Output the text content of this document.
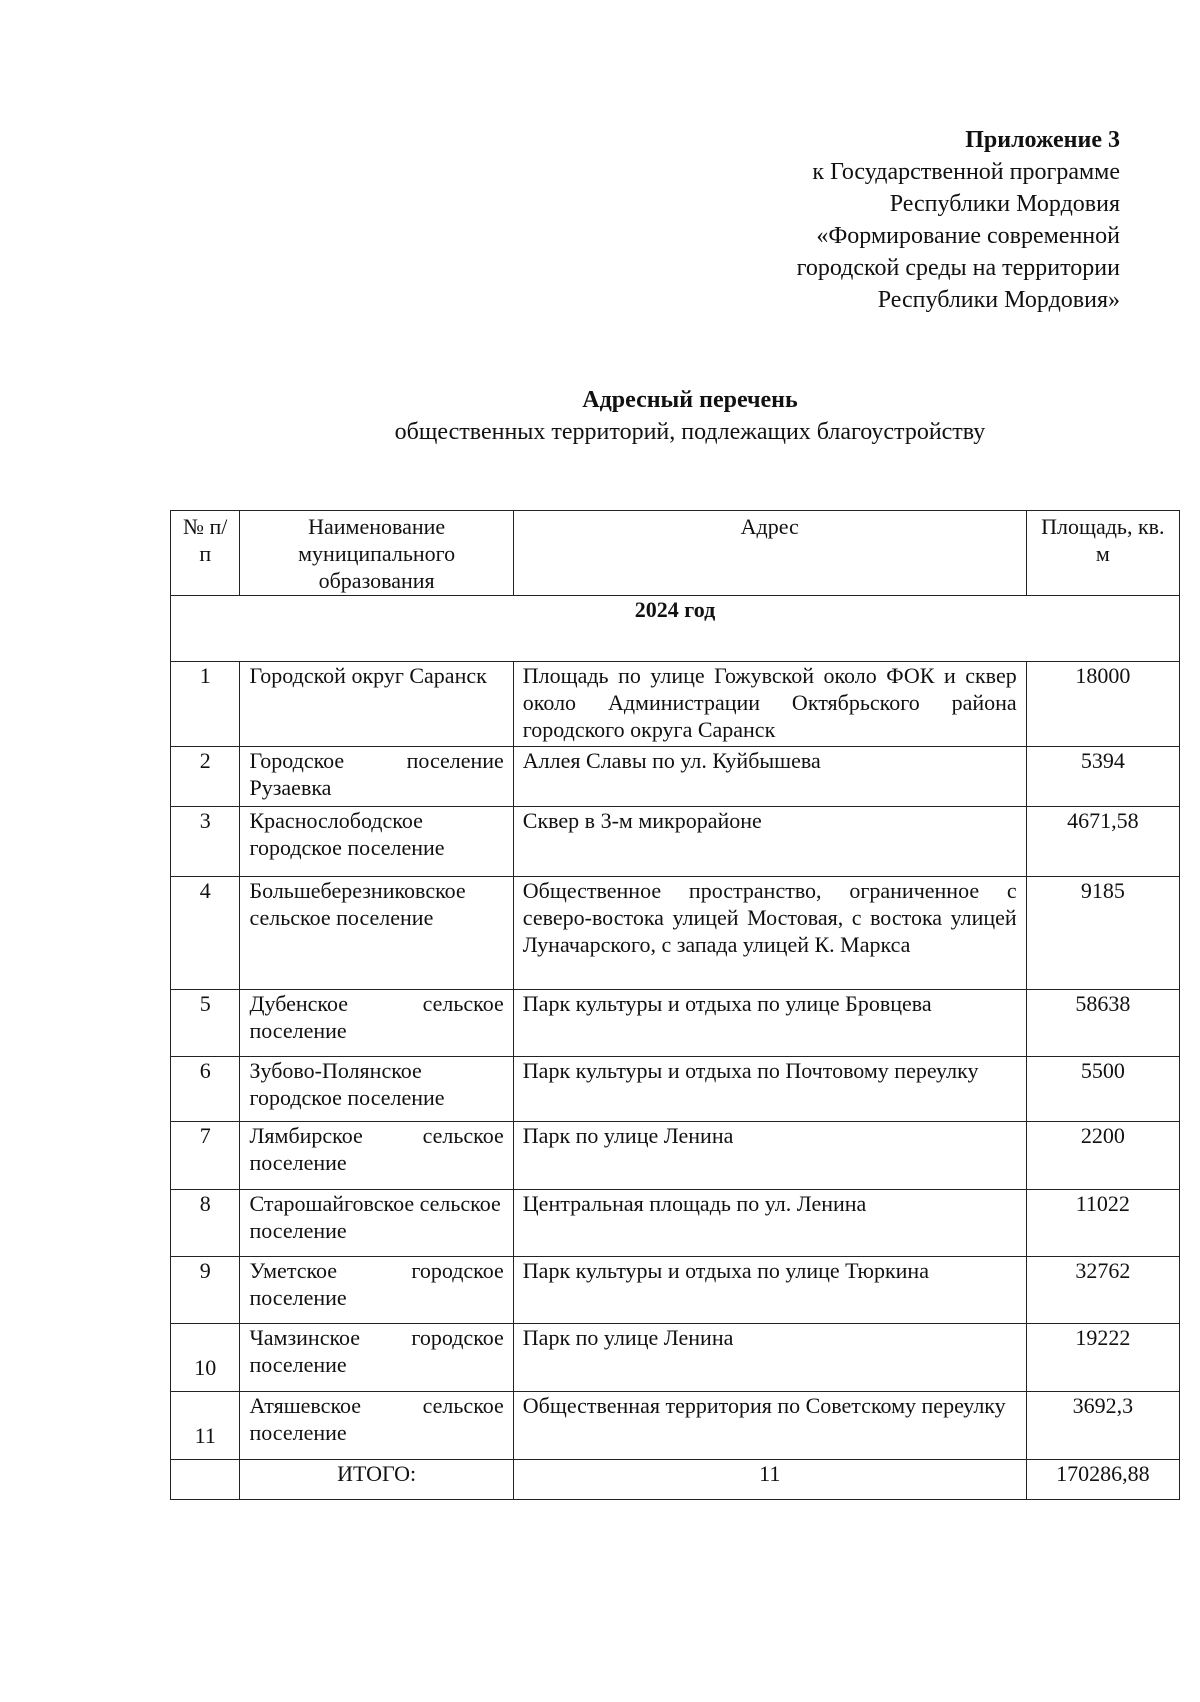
Приложение 3
к Государственной программе
Республики Мордовия
«Формирование современной
городской среды на территории
Республики Мордовия»
Адресный перечень
общественных территорий, подлежащих благоустройству
№ п/п	Наименование муниципального образования	Адрес	Площадь, кв. м
2024 год			
1	Городской округ Саранск	Площадь по улице Гожувской около ФОК и сквер около Администрации Октябрьского района городского округа Саранск	18000
2	Городское поселение Рузаевка	Аллея Славы по ул. Куйбышева	5394
3	Краснослободское городское поселение	Сквер в 3-м микрорайоне	4671,58
4	Большеберезниковское сельское поселение	Общественное пространство, ограниченное с северо-востока улицей Мостовая, с востока улицей Луначарского, с запада улицей К. Маркса	9185
5	Дубенское сельское поселение	Парк культуры и отдыха по улице Бровцева	58638
6	Зубово-Полянское городское поселение	Парк культуры и отдыха по Почтовому переулку	5500
7	Лямбирское сельское поселение	Парк по улице Ленина	2200
8	Старошайговское сельское поселение	Центральная площадь по ул. Ленина	11022
9	Уметское городское поселение	Парк культуры и отдыха по улице Тюркина	32762
10	Чамзинское городское поселение	Парк по улице Ленина	19222
11	Атяшевское сельское поселение	Общественная территория по Советскому переулку	3692,3
	ИТОГО:	11	170286,88
